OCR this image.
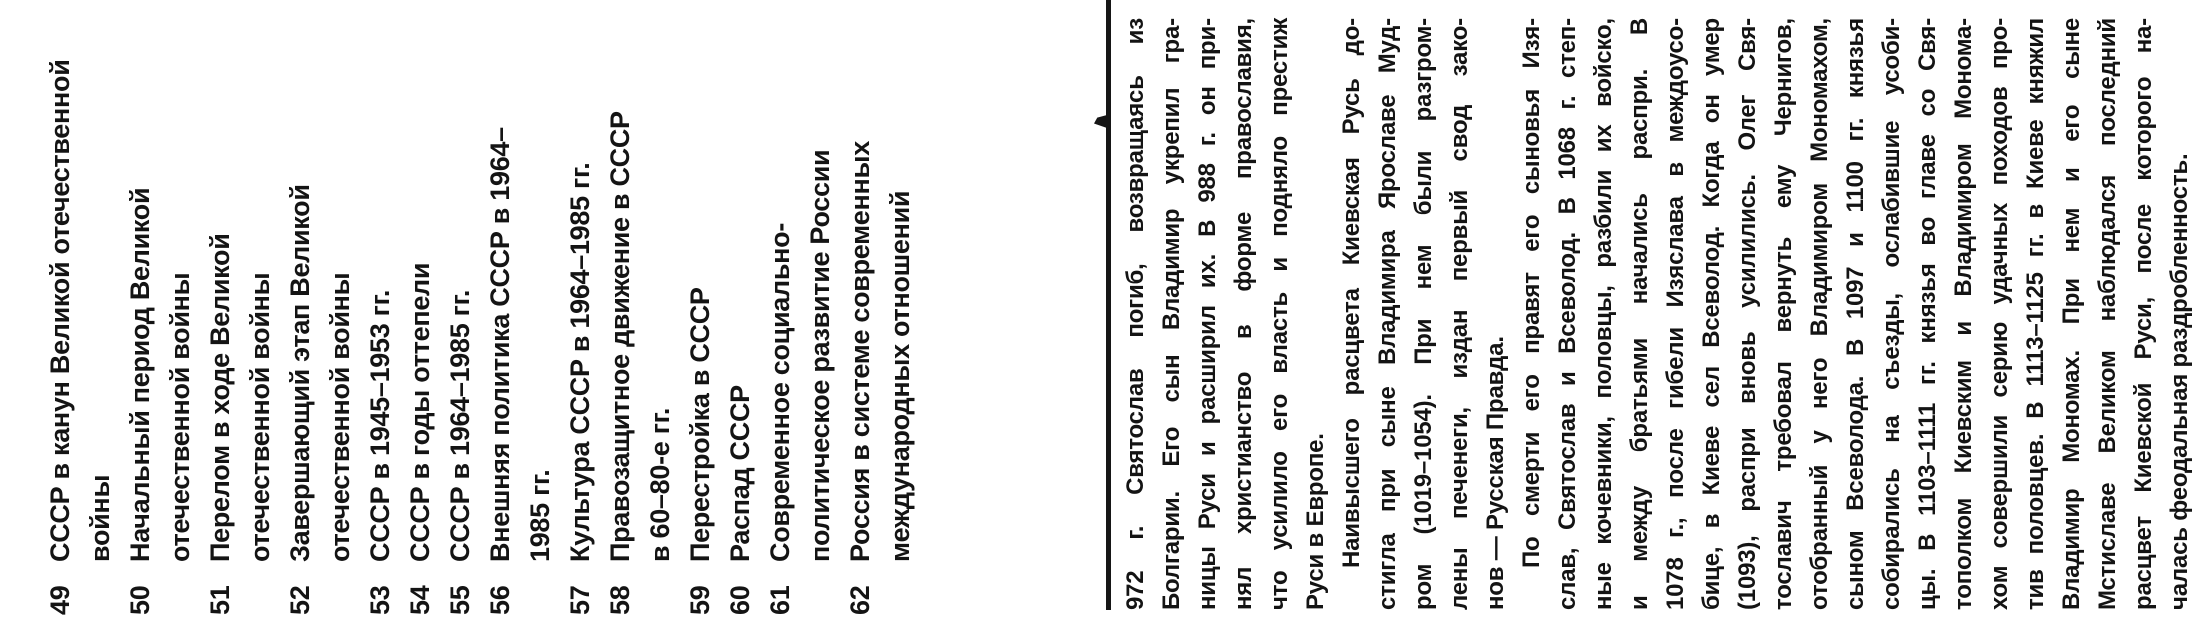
49
СССР в канун Великой отечественной войны
50
Начальный период Великой отечественной войны
51
Перелом в ходе Великой отечественной войны
52
Завершающий этап Великой отечественной войны
53
СССР в 1945–1953 гг.
54
СССР в годы оттепели
55
СССР в 1964–1985 гг.
56
Внешняя политика СССР в 1964– 1985 гг.
57
Культура СССР в 1964–1985 гг.
58
Правозащитное движение в СССР в 60–80-е гг.
59
Перестройка в СССР
60
Распад СССР
61
Современное социально- политическое развитие России
62
Россия в системе современных международных отношений
972
г.
Святослав
погиб,
возвращаясь
из
Болгарии.
Его
сын
Владимир
укрепил
гра-
ницы
Руси
и
расширил
их.
В
988
г.
он
при-
нял
христианство
в
форме
православия,
что
усилило
его
власть
и
подняло
престиж
Руси в Европе. Наивысшего
расцвета
Киевская
Русь
до-
стигла
при
сыне
Владимира
Ярославе
Муд-
ром
(1019–1054).
При
нем
были
разгром-
лены
печенеги,
издан
первый
свод
зако-
нов — Русская Правда. По
смерти
его
правят
его
сыновья
Изя-
слав,
Святослав
и
Всеволод.
В
1068
г.
степ-
ные
кочевники,
половцы,
разбили
их
войско,
и
между
братьями
начались
распри.
В
1078
г.,
после
гибели
Изяслава
в
междоусо-
бице,
в
Киеве
сел
Всеволод.
Когда
он
умер
(1093),
распри
вновь
усилились.
Олег
Свя-
тославич
требовал
вернуть
ему
Чернигов,
отобранный
у
него
Владимиром
Мономахом,
сыном
Всеволода.
В
1097
и
1100
гг.
князья
собирались
на
съезды,
ослабившие
усоби-
цы.
В
1103–1111
гг.
князья
во
главе
со
Свя-
тополком
Киевским
и
Владимиром
Монома-
хом
совершили
серию
удачных
походов
про-
тив
половцев.
В
1113–1125
гг.
в
Киеве
княжил
Владимир
Мономах.
При
нем
и
его
сыне
Мстиславе
Великом
наблюдался
последний
расцвет
Киевской
Руси,
после
которого
на-
чалась феодальная раздробленность.
